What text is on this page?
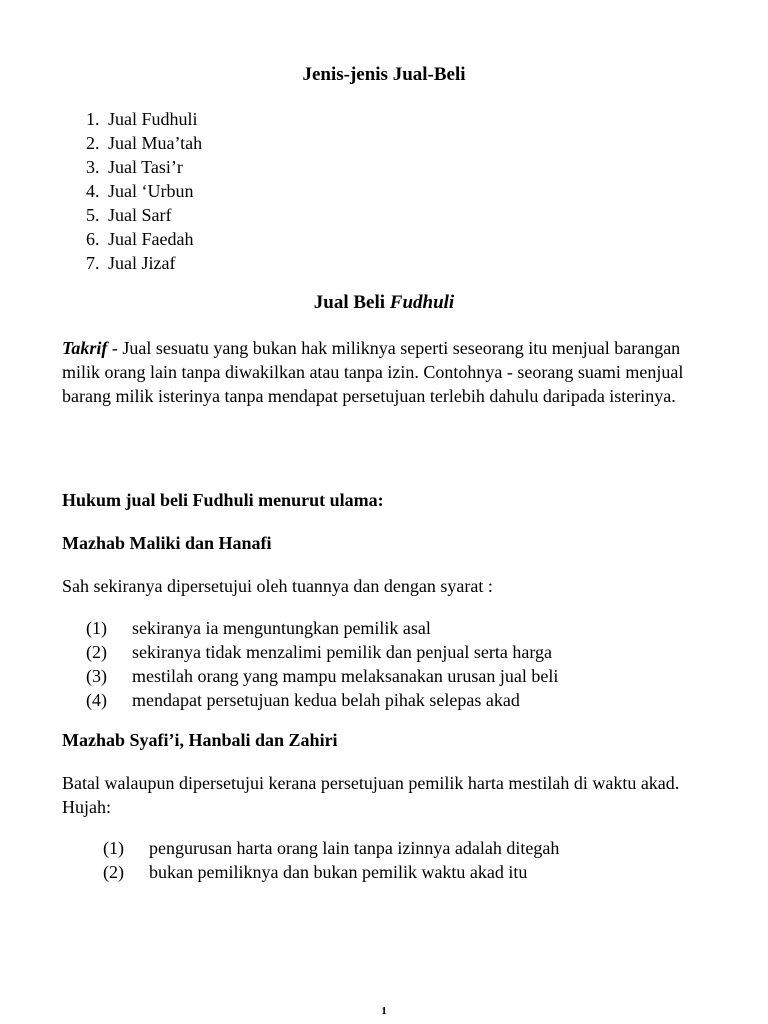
Jenis-jenis Jual-Beli
1. Jual Fudhuli
2. Jual Mua’tah
3. Jual Tasi’r
4. Jual ‘Urbun
5. Jual Sarf
6. Jual Faedah
7. Jual Jizaf
Jual Beli Fudhuli

Takrif - Jual sesuatu yang bukan hak miliknya seperti seseorang itu menjual barangan milik orang lain tanpa diwakilkan atau tanpa izin. Contohnya - seorang suami menjual barang milik isterinya tanpa mendapat persetujuan terlebih dahulu daripada isterinya.

Hukum jual beli Fudhuli menurut ulama:
Mazhab Maliki dan Hanafi

Sah sekiranya dipersetujui oleh tuannya dan dengan syarat :

(1) sekiranya ia menguntungkan pemilik asal
(2) sekiranya tidak menzalimi pemilik dan penjual serta harga
(3) mestilah orang yang mampu melaksanakan urusan jual beli
(4) mendapat persetujuan kedua belah pihak selepas akad
Mazhab Syafi’i, Hanbali dan Zahiri

Batal walaupun dipersetujui kerana persetujuan pemilik harta mestilah di waktu akad. Hujah:

(1) pengurusan harta orang lain tanpa izinnya adalah ditegah
(2) bukan pemiliknya dan bukan pemilik waktu akad itu
1
